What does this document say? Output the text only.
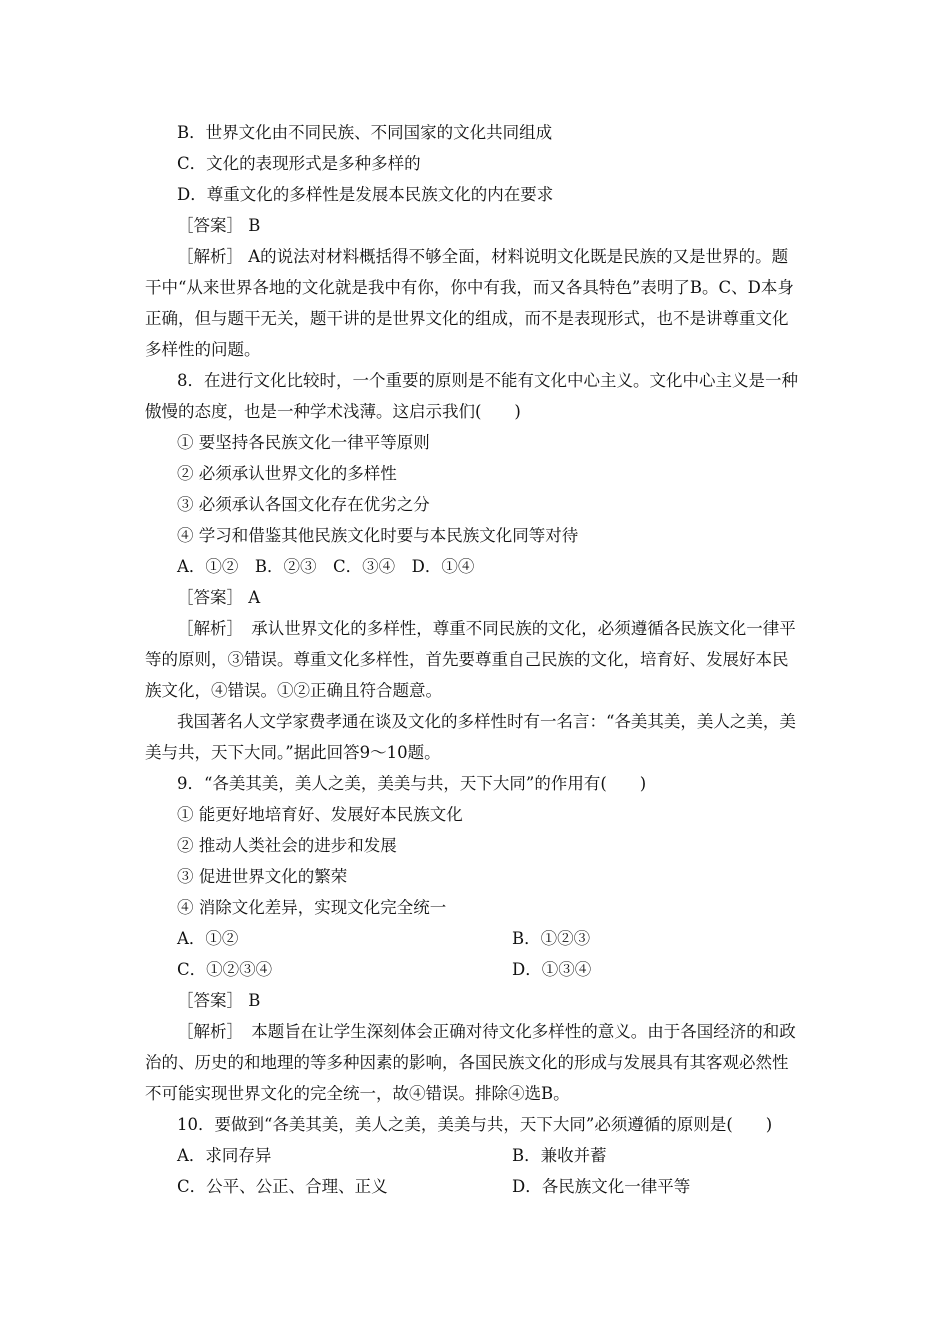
B．世界文化由不同民族、不同国家的文化共同组成
C．文化的表现形式是多种多样的
D．尊重文化的多样性是发展本民族文化的内在要求
［答案］ B
［解析］ A的说法对材料概括得不够全面，材料说明文化既是民族的又是世界的。题
干中“从来世界各地的文化就是我中有你，你中有我，而又各具特色”表明了B。C、D本身
正确，但与题干无关，题干讲的是世界文化的组成，而不是表现形式，也不是讲尊重文化
多样性的问题。
8．在进行文化比较时，一个重要的原则是不能有文化中心主义。文化中心主义是一种
傲慢的态度，也是一种学术浅薄。这启示我们(　　)
① 要坚持各民族文化一律平等原则
② 必须承认世界文化的多样性
③ 必须承认各国文化存在优劣之分
④ 学习和借鉴其他民族文化时要与本民族文化同等对待
A．①②　B．②③　C．③④　D．①④
［答案］ A
［解析］　承认世界文化的多样性，尊重不同民族的文化，必须遵循各民族文化一律平
等的原则，③错误。尊重文化多样性，首先要尊重自己民族的文化，培育好、发展好本民
族文化，④错误。①②正确且符合题意。
我国著名人文学家费孝通在谈及文化的多样性时有一名言：“各美其美，美人之美，美
美与共，天下大同。”据此回答9～10题。
9．“各美其美，美人之美，美美与共，天下大同”的作用有(　　)
① 能更好地培育好、发展好本民族文化
② 推动人类社会的进步和发展
③ 促进世界文化的繁荣
④ 消除文化差异，实现文化完全统一
A．①②	B．①②③
C．①②③④	D．①③④
［答案］ B
［解析］　本题旨在让学生深刻体会正确对待文化多样性的意义。由于各国经济的和政
治的、历史的和地理的等多种因素的影响，各国民族文化的形成与发展具有其客观必然性
不可能实现世界文化的完全统一，故④错误。排除④选B。
10．要做到“各美其美，美人之美，美美与共，天下大同”必须遵循的原则是(　　)
A．求同存异	B．兼收并蓄
C．公平、公正、合理、正义	D．各民族文化一律平等
